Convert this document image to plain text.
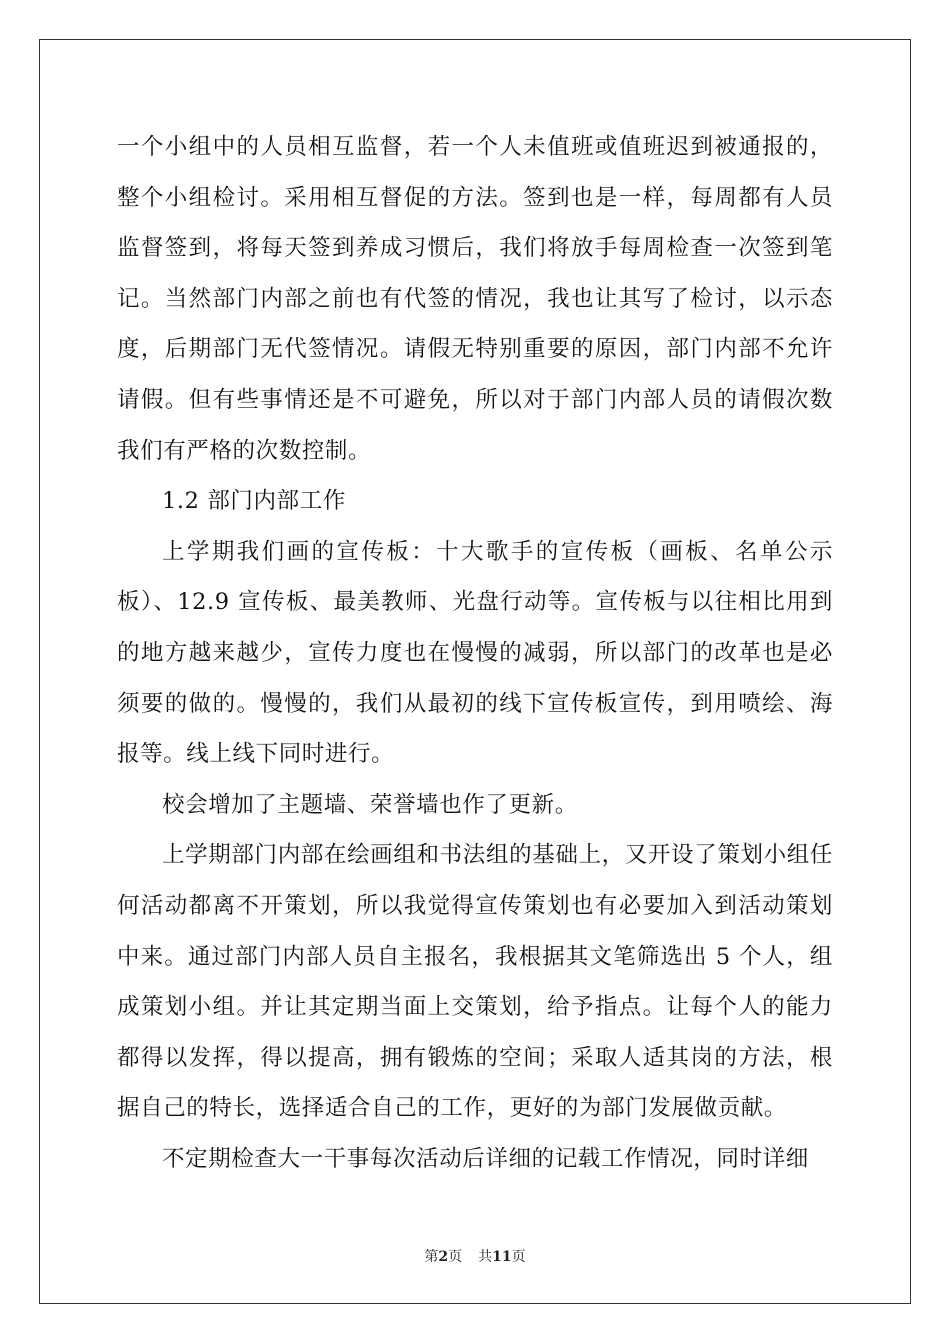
一个小组中的人员相互监督，若一个人未值班或值班迟到被通报的，整个小组检讨。采用相互督促的方法。签到也是一样，每周都有人员监督签到，将每天签到养成习惯后，我们将放手每周检查一次签到笔记。当然部门内部之前也有代签的情况，我也让其写了检讨，以示态度，后期部门无代签情况。请假无特别重要的原因，部门内部不允许请假。但有些事情还是不可避免，所以对于部门内部人员的请假次数我们有严格的次数控制。

1.2 部门内部工作

上学期我们画的宣传板：十大歌手的宣传板（画板、名单公示板）、12.9 宣传板、最美教师、光盘行动等。宣传板与以往相比用到的地方越来越少，宣传力度也在慢慢的减弱，所以部门的改革也是必须要的做的。慢慢的，我们从最初的线下宣传板宣传，到用喷绘、海报等。线上线下同时进行。

校会增加了主题墙、荣誉墙也作了更新。

上学期部门内部在绘画组和书法组的基础上，又开设了策划小组任何活动都离不开策划，所以我觉得宣传策划也有必要加入到活动策划中来。通过部门内部人员自主报名，我根据其文笔筛选出 5 个人，组成策划小组。并让其定期当面上交策划，给予指点。让每个人的能力都得以发挥，得以提高，拥有锻炼的空间；采取人适其岗的方法，根据自己的特长，选择适合自己的工作，更好的为部门发展做贡献。

不定期检查大一干事每次活动后详细的记载工作情况，同时详细

第2页 共11页
